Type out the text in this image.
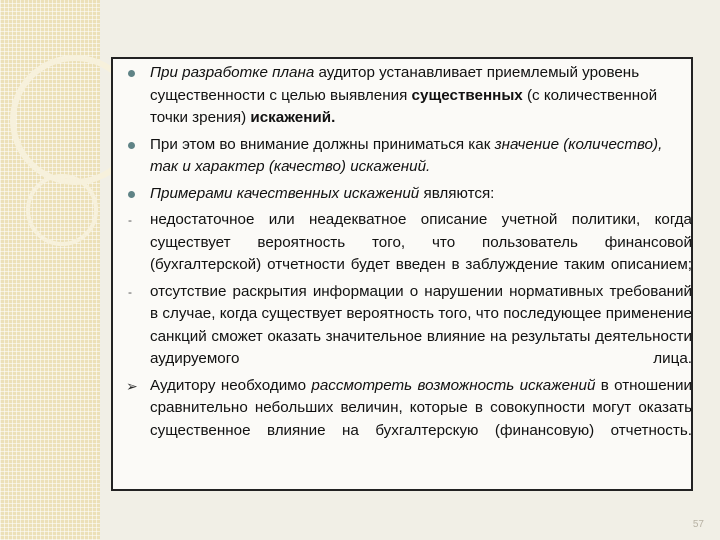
При разработке плана аудитор устанавливает приемлемый уровень существенности с целью выявления существенных (с количественной точки зрения) искажений.
При этом во внимание должны приниматься как значение (количество), так и характер (качество) искажений.
Примерами качественных искажений являются:
-	недостаточное или неадекватное описание учетной политики, когда существует вероятность того, что пользователь финансовой (бухгалтерской) отчетности будет введен в заблуждение таким описанием;
-	отсутствие раскрытия информации о нарушении нормативных требований в случае, когда существует вероятность того, что последующее применение санкций сможет оказать значительное влияние на результаты деятельности аудируемого лица.
➢ Аудитору необходимо рассмотреть возможность искажений в отношении сравнительно небольших величин, которые в совокупности могут оказать существенное влияние на бухгалтерскую (финансовую) отчетность.
57
